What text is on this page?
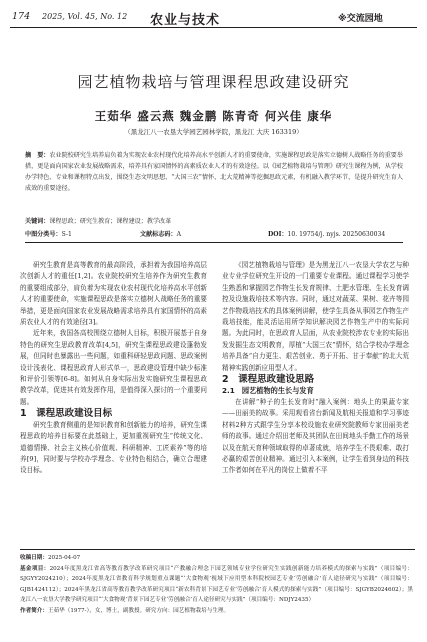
174 2025, Vol. 45, No. 12 农业与技术	※交流园地
园艺植物栽培与管理课程思政建设研究
王茹华 盛云燕 魏金鹏 陈青奇 何兴佳 康华
（黑龙江八一农垦大学园艺园林学院，黑龙江 大庆 163319）
摘　要：农业院校研究生培养肩负着为实现农业农村现代化培养高水平创新人才的重要使命，实施课程思政是落实立德树人战略任务的重要举措，更是面向国家农业发展战略需求，培养具有家国情怀的高素质农业人才的有效途径。以《园艺植物栽培与管理》研究生课程为例，从学校办学特色、专业和课程特点出发，围绕生态文明思想、“大国三农”情怀、北大荒精神等挖掘思政元素，有机融入教学环节，是提升研究生育人成效的重要途径。
关键词：课程思政；研究生教育；课程建设；教学改革
中图分类号：S-1	文献标志码：A	DOI：10. 19754/j. nyjs. 20250630034

研究生教育是高等教育的最高阶段，承担着为我国培养高层次创新人才的重任[1,2]。农业院校研究生培养作为研究生教育的重要组成部分，肩负着为实现农业农村现代化培养高水平创新人才的重要使命，实施课程思政是落实立德树人战略任务的重要举措，更是面向国家农业发展战略需求培养具有家国情怀的高素质农业人才的有效途径[3]。

近年来，我国各高校围绕立德树人目标，积极开展基于自身特色的研究生思政教育改革[4,5]，研究生课程思政建设蓬勃发展，但同时也暴露出一些问题，如重科研轻思政问题、思政案例设计浅表化、课程思政育人形式单一，思政建设管理中缺少标准和评价引领等[6-8]。如何从自身实际出发实施研究生课程思政教学改革，促进其有效发挥作用，是值得深入探讨的一个重要问题。

1　课程思政建设目标

研究生教育侧重的是知识教育和创新能力的培养，研究生课程思政的培养目标要在此基础上，更加重视研究生“传统文化、道德情操、社会主义核心价值观、科研精神、工匠素养”等的培养[9]，同时要与学校办学理念、专业特色相结合，确立合理建设目标。

《园艺植物栽培与管理》是为黑龙江八一农垦大学农艺与种业专业学位研究生开设的一门重要专业课程。通过课程学习使学生熟悉和掌握园艺作物生长发育规律、土肥水管理、生长发育调控及设施栽培技术等内容。同时，通过对蔬菜、果树、花卉等园艺作物栽培技术的具体案例讲解，使学生具备从事园艺作物生产栽培技能，能灵活运用所学知识解决园艺作物生产中的实际问题。为此同时，在思政育人层面，从农业院校涉农专业的实际出发发掘生态文明教育，厚植“大国三农”情怀，结合学校办学理念培养具备“自力更生、艰苦创业、勇于开拓、甘于奉献”的北大荒精神实践创新应用型人才。

2　课程思政建设思路

2.1　园艺植物的生长与发育

在讲解“种子的生长发育时”融入案例：地头上的果蔬专家——田丽美的故事。采用观看省台新闻及航相关报道和学习事迹材料2种方式跟学生分享本校设施农业研究院教师专家田丽美老师的故事。通过介绍田老师及其团队在田间地头手勤工作的场景以及在航天育种领域取得的卓著成就，培养学生不畏艰难、敢打必赢的艰苦创业精神。通过引入本案例，让学生看到身边的科技工作者如何在平凡的岗位上做着不平

收稿日期：2025-04-07
基金项目：2024年度黑龙江省高等教育教学改革研究项目“产教融合理念下园艺领域专业学位研究生实践创新能力培养模式的探索与实践”（项目编号：SJGYY2024210）；2024年度黑龙江省教育科学规划重点课题“‘大食物观’视域下应用型本科院校园艺专业‘劳创融合’育人途径研究与实践”（项目编号：GJB1424112）；2024年黑龙江省高等教育教学改革研究项目“新农科背景下园艺专业‘劳创融合’育人模式的探索与实践”（项目编号：SJGYB2024602）；黑龙江八一农垦大学教学研究项目“‘大食物观’背景下园艺专业‘劳创融合’育人途径研究与实践”（项目编号：NDJY2435）
作者简介：王茹华（1977-），女，博士，副教授。研究方向：园艺植物栽培与生理。
